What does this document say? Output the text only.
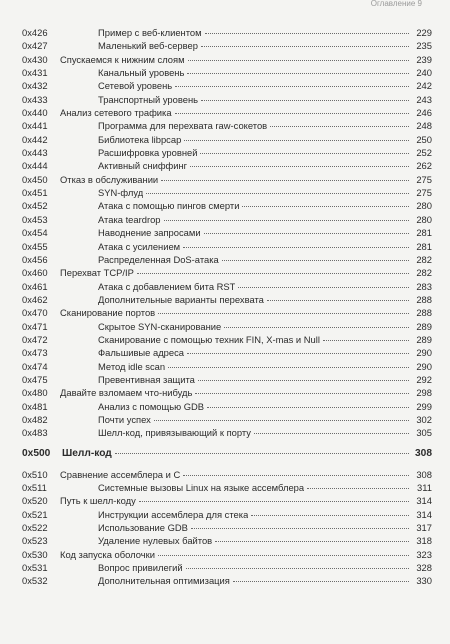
Оглавление 9
0x426	Пример с веб-клиентом	229
0x427	Маленький веб-сервер	235
0x430	Спускаемся к нижним слоям	239
0x431	Канальный уровень	240
0x432	Сетевой уровень	242
0x433	Транспортный уровень	243
0x440	Анализ сетевого трафика	246
0x441	Программа для перехвата raw-сокетов	248
0x442	Библиотека libpcap	250
0x443	Расшифровка уровней	252
0x444	Активный сниффинг	262
0x450	Отказ в обслуживании	275
0x451	SYN-флуд	275
0x452	Атака с помощью пингов смерти	280
0x453	Атака teardrop	280
0x454	Наводнение запросами	281
0x455	Атака с усилением	281
0x456	Распределенная DoS-атака	282
0x460	Перехват TCP/IP	282
0x461	Атака с добавлением бита RST	283
0x462	Дополнительные варианты перехвата	288
0x470	Сканирование портов	288
0x471	Скрытое SYN-сканирование	289
0x472	Сканирование с помощью техник FIN, X-mas и Null	289
0x473	Фальшивые адреса	290
0x474	Метод idle scan	290
0x475	Превентивная защита	292
0x480	Давайте взломаем что-нибудь	298
0x481	Анализ с помощью GDB	299
0x482	Почти успех	302
0x483	Шелл-код, привязывающий к порту	305
0x500	Шелл-код	308
0x510	Сравнение ассемблера и C	308
0x511	Системные вызовы Linux на языке ассемблера	311
0x520	Путь к шелл-коду	314
0x521	Инструкции ассемблера для стека	314
0x522	Использование GDB	317
0x523	Удаление нулевых байтов	318
0x530	Код запуска оболочки	323
0x531	Вопрос привилегий	328
0x532	Дополнительная оптимизация	330
